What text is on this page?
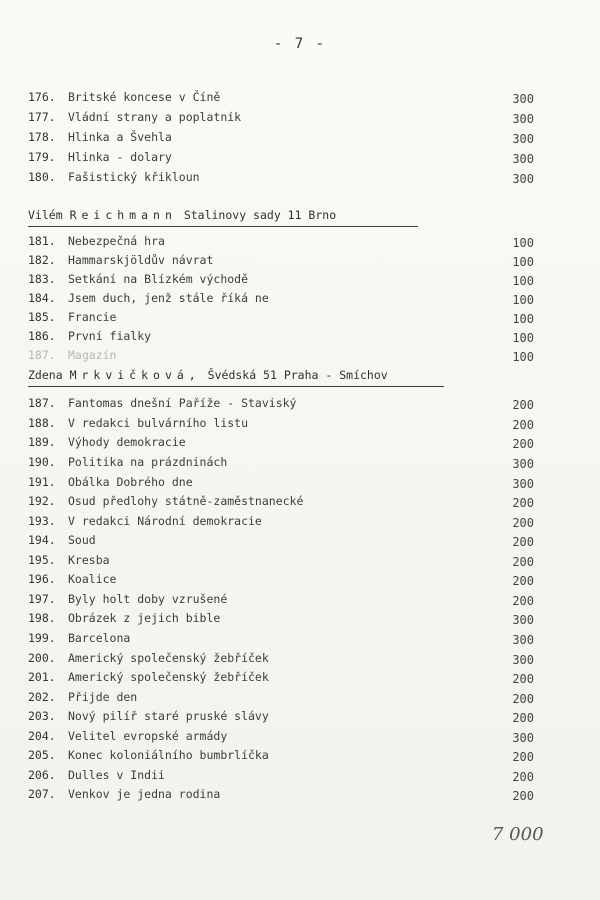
- 7 -
176. Britské koncese v Číně	300
177. Vládní strany a poplatník	300
178. Hlinka a Švehla	300
179. Hlinka - dolary	300
180. Fašistický křikloun	300
Vilém Reichmann Stalinovy sady 11 Brno
181. Nebezpečná hra	100
182. Hammarskjöldův návrat	100
183. Setkání na Blízkém východě	100
184. Jsem duch, jenž stále říká ne	100
185. Francie	100
186. První fialky	100
187. Magazín	100
Zdena Mrkvičková, Švédská 51 Praha - Smíchov
187. Fantomas dnešní Paříže - Staviský	200
188. V redakci bulvárního listu	200
189. Výhody demokracie	200
190. Politika na prázdninách	300
191. Obálka Dobrého dne	300
192. Osud předlohy státně-zaměstnanecké	200
193. V redakci Národní demokracie	200
194. Soud	200
195. Kresba	200
196. Koalice	200
197. Byly holt doby vzrušené	200
198. Obrázek z jejich bible	300
199. Barcelona	300
200. Americký společenský žebříček	300
201. Americký společenský žebříček	200
202. Přijde den	200
203. Nový pilíř staré pruské slávy	200
204. Velitel evropské armády	300
205. Konec koloniálního bumbrlíčka	200
206. Dulles v Indii	200
207. Venkov je jedna rodina	200
7 000
